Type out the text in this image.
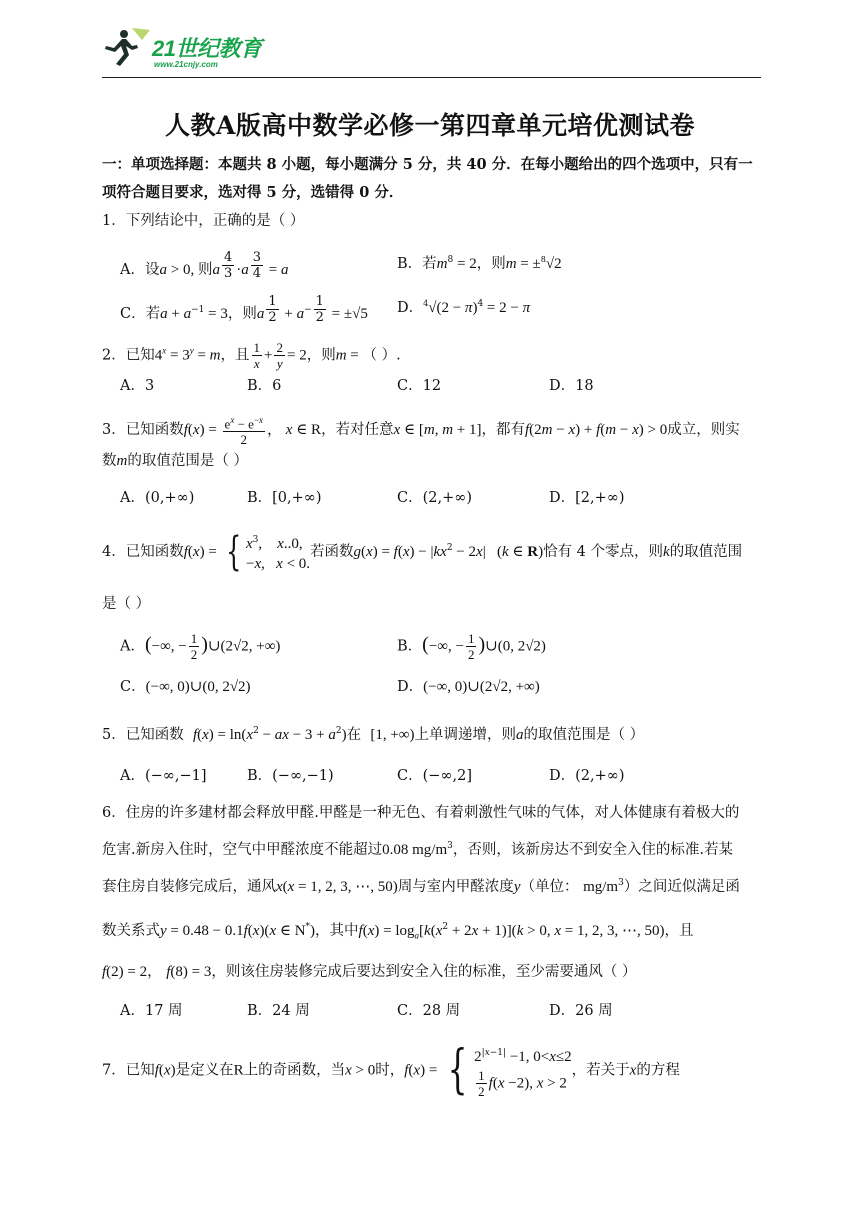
21世纪教育
www.21cnjy.com
人教A版高中数学必修一第四章单元培优测试卷
一：单项选择题：本题共 8 小题，每小题满分 5 分，共 40 分．在每小题给出的四个选项中，只有一
项符合题目要求，选对得 5 分，选错得 0 分．
1．下列结论中，正确的是（ ）
A．设a > 0, 则a $^{\frac{4}{3}}$ ·a $^{\frac{3}{4}}$ = a	B．若$m^8 = 2$，则m = ±$^8$√2
C．若$a + a^{-1} = 3$，则a $^{\frac{1}{2}} + a^{- \frac{1}{2}} = \pm√5$ D．$^4√(2 - \pi)^4 = 2 - \pi$
2．已知$4^x = 3^y = m$，且 $\frac{1}{x} + \frac{2}{y} = 2$，则m = （ ）.
A．3	B．6	C．12	D．18
3．已知函数$f(x) = \frac{e^x - e^{-x}}{2}$ ， x ∈ R，若对任意x ∈ [m, m + 1]，都有f(2m − x) + f(m − x) > 0成立，则实
数m的取值范围是（ ）
A．(0,+∞)	B．[0,+∞)	C．(2,+∞)	D．[2,+∞)
4．已知函数f(x) = { $x^3$,    x..0,
−x,   x < 0.
若函数$g(x) = f(x) - |kx^2 - 2x|$   (k ∈ R)恰有 4 个零点，则k的取值范围
是（ ）
A．(−∞, − $\frac{1}{2}$ )∪(2√2, +∞)	B．(−∞, − $\frac{1}{2}$ )∪(0, 2√2)
C．(−∞, 0)∪(0, 2√2)	D．(−∞, 0)∪(2√2, +∞)
5．已知函数 $f(x) = \ln(x^2$ − ax − $3 + a^2$)在 [1, +∞)上单调递增，则a的取值范围是（ ）
A．(−∞,−1]	B．(−∞,−1)	C．(−∞,2]	D．(2,+∞)
6．住房的许多建材都会释放甲醛.甲醛是一种无色、有着刺激性气味的气体，对人体健康有着极大的
危害.新房入住时，空气中甲醛浓度不能超过0.08 $mg/m^3$，否则，该新房达不到安全入住的标准.若某
套住房自装修完成后，通风x(x = 1, 2, 3, ⋯, 50)周与室内甲醛浓度y（单位： $mg/m^3$）之间近似满足函
数关系式y = 0.48 − 0.1f(x)(x ∈ N*)，其中$f(x) = \log_a[k(x^2 + 2x + 1)](k > 0$, x = 1, 2, 3, ⋯, 50)，且
f(2) = 2， f(8) = 3，则该住房装修完成后要达到安全入住的标准，至少需要通风（ ）
A．17 周	B．24 周	C．28 周	D．26 周
7．已知f(x)是定义在R上的奇函数，当x > 0时，f(x) = { $2^{|x-1|} -1$, 0<x≤2
$\frac{1}{2} f(x -2)$, x > 2
，若关于x的方程
